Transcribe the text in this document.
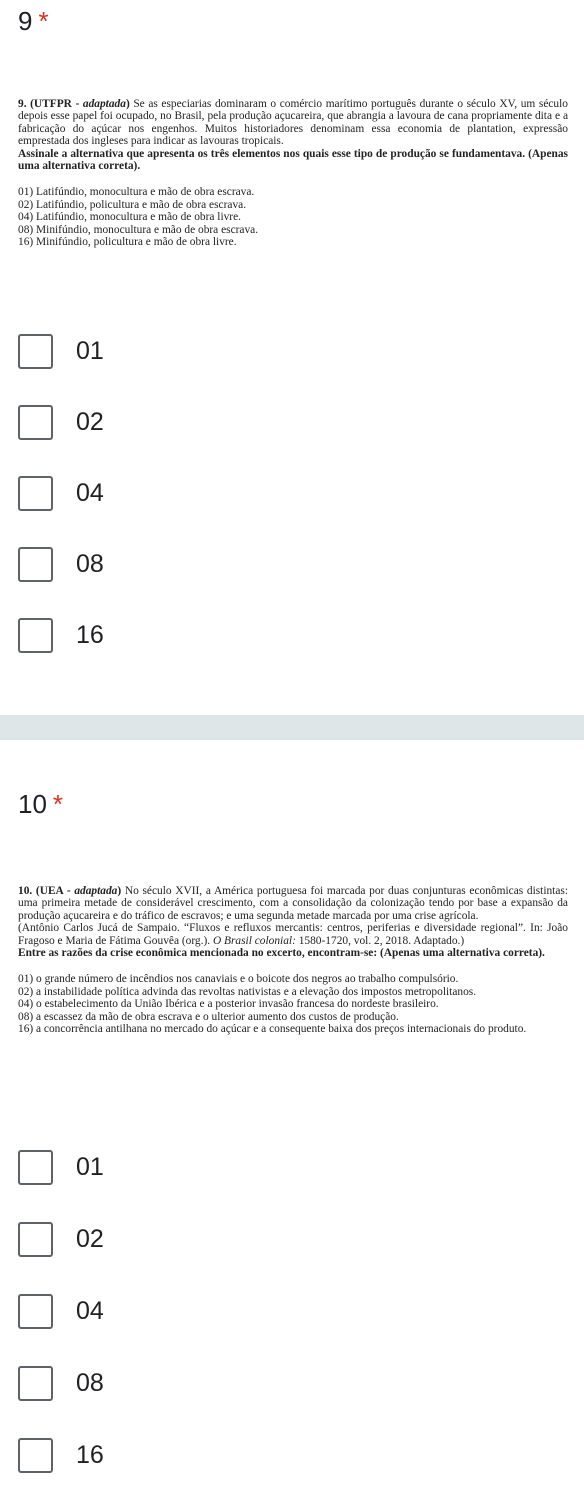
9 *

9. (UTFPR - adaptada) Se as especiarias dominaram o comércio marítimo português durante o século XV, um século depois esse papel foi ocupado, no Brasil, pela produção açucareira, que abrangia a lavoura de cana propriamente dita e a fabricação do açúcar nos engenhos. Muitos historiadores denominam essa economia de plantation, expressão emprestada dos ingleses para indicar as lavouras tropicais.

Assinale a alternativa que apresenta os três elementos nos quais esse tipo de produção se fundamentava. (Apenas uma alternativa correta).

01) Latifúndio, monocultura e mão de obra escrava.

02) Latifúndio, policultura e mão de obra escrava.

04) Latifúndio, monocultura e mão de obra livre.

08) Minifúndio, monocultura e mão de obra escrava.

16) Minifúndio, policultura e mão de obra livre.

01
02
04
08
16
10 *

10. (UEA - adaptada) No século XVII, a América portuguesa foi marcada por duas conjunturas econômicas distintas: uma primeira metade de considerável crescimento, com a consolidação da colonização tendo por base a expansão da produção açucareira e do tráfico de escravos; e uma segunda metade marcada por uma crise agrícola.

(Antônio Carlos Jucá de Sampaio. “Fluxos e refluxos mercantis: centros, periferias e diversidade regional”. In: João Fragoso e Maria de Fátima Gouvêa (org.). O Brasil colonial: 1580-1720, vol. 2, 2018. Adaptado.)

Entre as razões da crise econômica mencionada no excerto, encontram-se: (Apenas uma alternativa correta).

01) o grande número de incêndios nos canaviais e o boicote dos negros ao trabalho compulsório.

02) a instabilidade política advinda das revoltas nativistas e a elevação dos impostos metropolitanos.

04) o estabelecimento da União Ibérica e a posterior invasão francesa do nordeste brasileiro.

08) a escassez da mão de obra escrava e o ulterior aumento dos custos de produção.

16) a concorrência antilhana no mercado do açúcar e a consequente baixa dos preços internacionais do produto.

01
02
04
08
16
